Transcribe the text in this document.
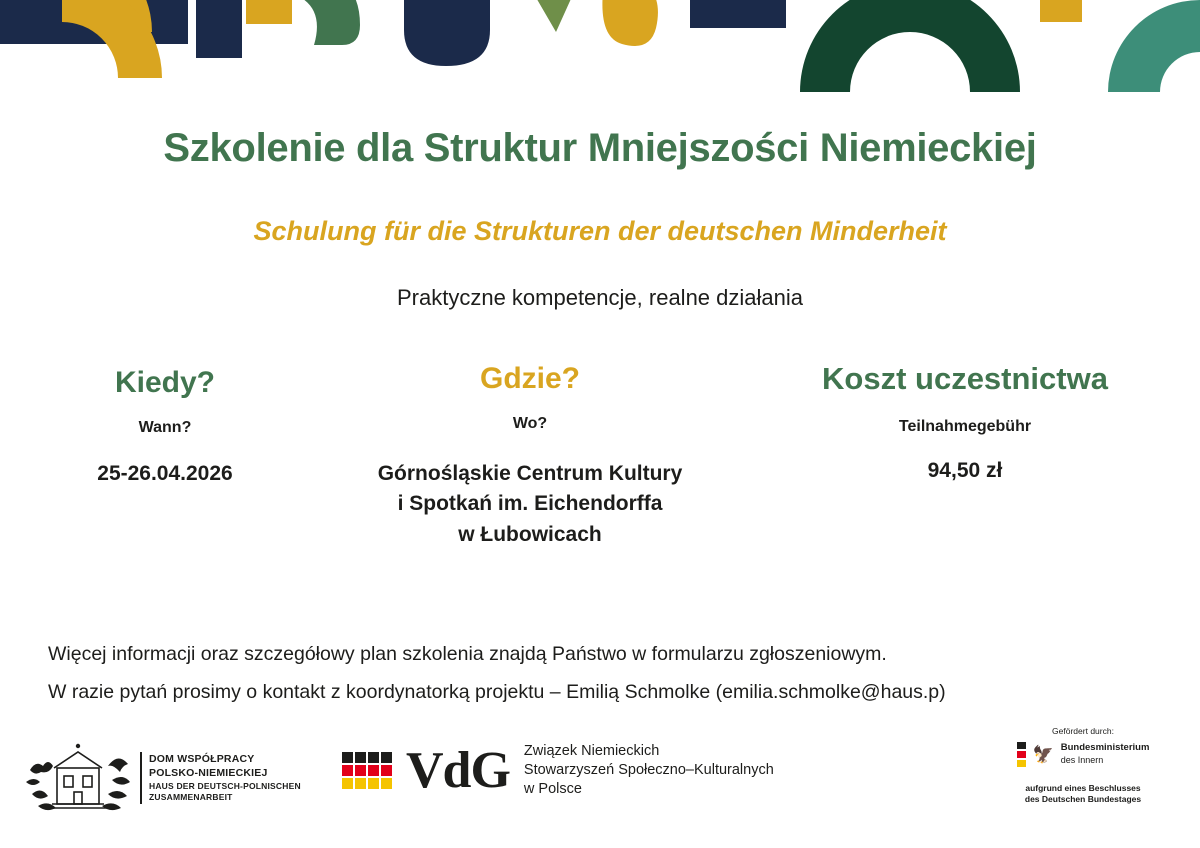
Szkolenie dla Struktur Mniejszości Niemieckiej
Schulung für die Strukturen der deutschen Minderheit
Praktyczne kompetencje, realne działania
Kiedy?
Wann?
25-26.04.2026
Gdzie?
Wo?
Górnośląskie Centrum Kultury
i Spotkań im. Eichendorffa
w Łubowicach
Koszt uczestnictwa
Teilnahmegebühr
94,50 zł
Więcej informacji oraz szczegółowy plan szkolenia znajdą Państwo w formularzu zgłoszeniowym.
W razie pytań prosimy o kontakt z koordynatorką projektu – Emilią Schmolke (emilia.schmolke@haus.p)
DOM WSPÓŁPRACY
POLSKO-NIEMIECKIEJ
HAUS DER DEUTSCH-POLNISCHEN
ZUSAMMENARBEIT	VdG Związek Niemieckich
Stowarzyszeń Społeczno–Kulturalnych
w Polsce
Gefördert durch:
🦅 Bundesministerium
des Innern
aufgrund eines Beschlusses
des Deutschen Bundestages
